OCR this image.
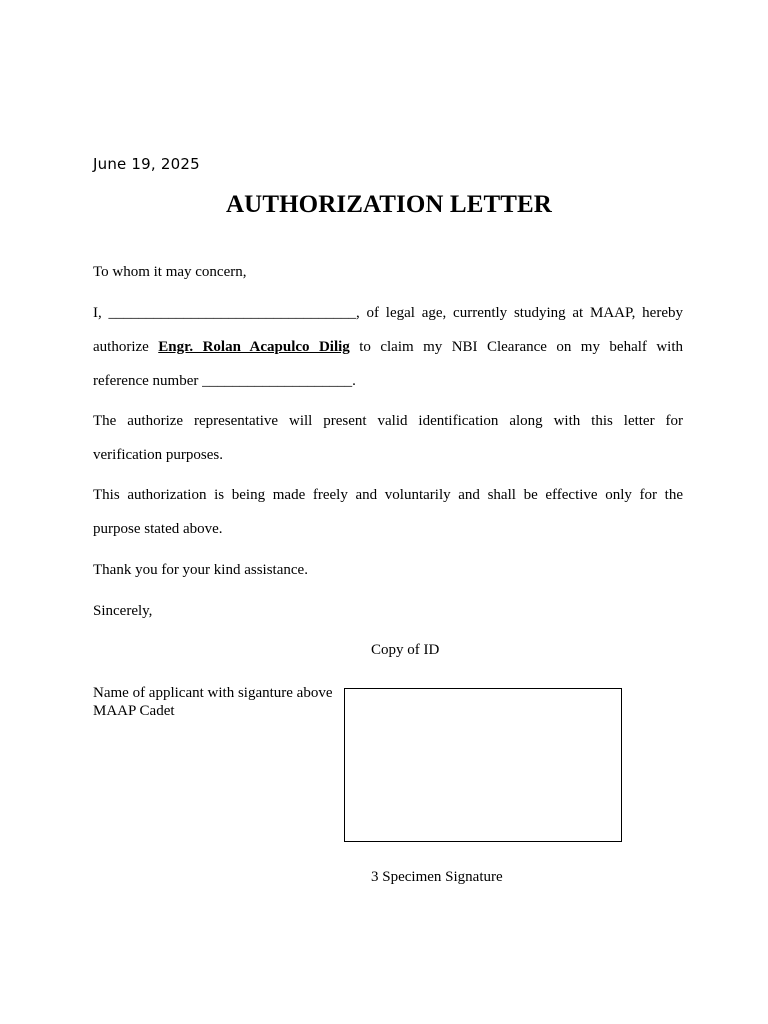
June 19, 2025
AUTHORIZATION LETTER
To whom it may concern,
I, _________________________________, of legal age, currently studying at MAAP, hereby
authorize Engr. Rolan Acapulco Dilig to claim my NBI Clearance on my behalf with
reference number ____________________.
The authorize representative will present valid identification along with this letter for
verification purposes.
This authorization is being made freely and voluntarily and shall be effective only for the
purpose stated above.
Thank you for your kind assistance.
Sincerely,
Copy of ID
Name of applicant with siganture above
MAAP Cadet
3 Specimen Signature
